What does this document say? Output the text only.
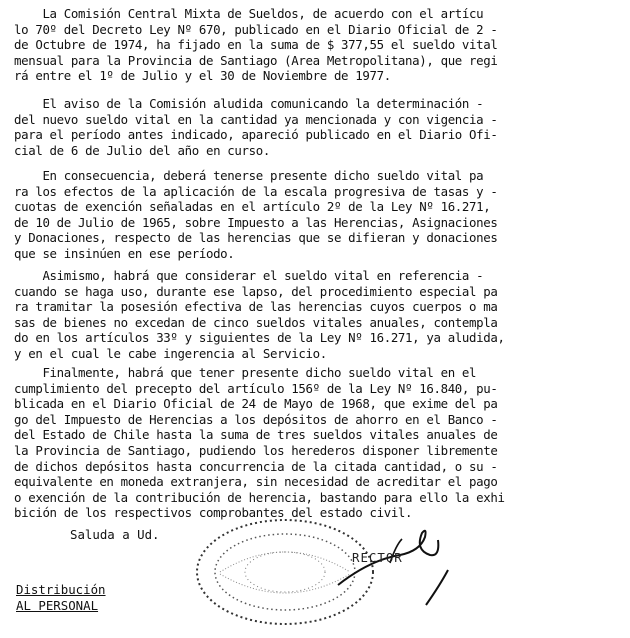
La Comisión Central Mixta de Sueldos, de acuerdo con el artícu
lo 70º del Decreto Ley Nº 670, publicado en el Diario Oficial de 2 -
de Octubre de 1974, ha fijado en la suma de $ 377,55 el sueldo vital
mensual para la Provincia de Santiago (Area Metropolitana), que regi
rá entre el 1º de Julio y el 30 de Noviembre de 1977.

El aviso de la Comisión aludida comunicando la determinación -
del nuevo sueldo vital en la cantidad ya mencionada y con vigencia -
para el período antes indicado, apareció publicado en el Diario Ofi-
cial de 6 de Julio del año en curso.

En consecuencia, deberá tenerse presente dicho sueldo vital pa
ra los efectos de la aplicación de la escala progresiva de tasas y -
cuotas de exención señaladas en el artículo 2º de la Ley Nº 16.271,
de 10 de Julio de 1965, sobre Impuesto a las Herencias, Asignaciones
y Donaciones, respecto de las herencias que se difieran y donaciones
que se insinúen en ese período.

Asimismo, habrá que considerar el sueldo vital en referencia -
cuando se haga uso, durante ese lapso, del procedimiento especial pa
ra tramitar la posesión efectiva de las herencias cuyos cuerpos o ma
sas de bienes no excedan de cinco sueldos vitales anuales, contempla
do en los artículos 33º y siguientes de la Ley Nº 16.271, ya aludida,
y en el cual le cabe ingerencia al Servicio.

Finalmente, habrá que tener presente dicho sueldo vital en el
cumplimiento del precepto del artículo 156º de la Ley Nº 16.840, pu-
blicada en el Diario Oficial de 24 de Mayo de 1968, que exime del pa
go del Impuesto de Herencias a los depósitos de ahorro en el Banco -
del Estado de Chile hasta la suma de tres sueldos vitales anuales de
la Provincia de Santiago, pudiendo los herederos disponer libremente
de dichos depósitos hasta concurrencia de la citada cantidad, o su -
equivalente en moneda extranjera, sin necesidad de acreditar el pago
o exención de la contribución de herencia, bastando para ello la exhi
bición de los respectivos comprobantes del estado civil.

Saluda a Ud.
RECTOR
Distribución
AL PERSONAL
